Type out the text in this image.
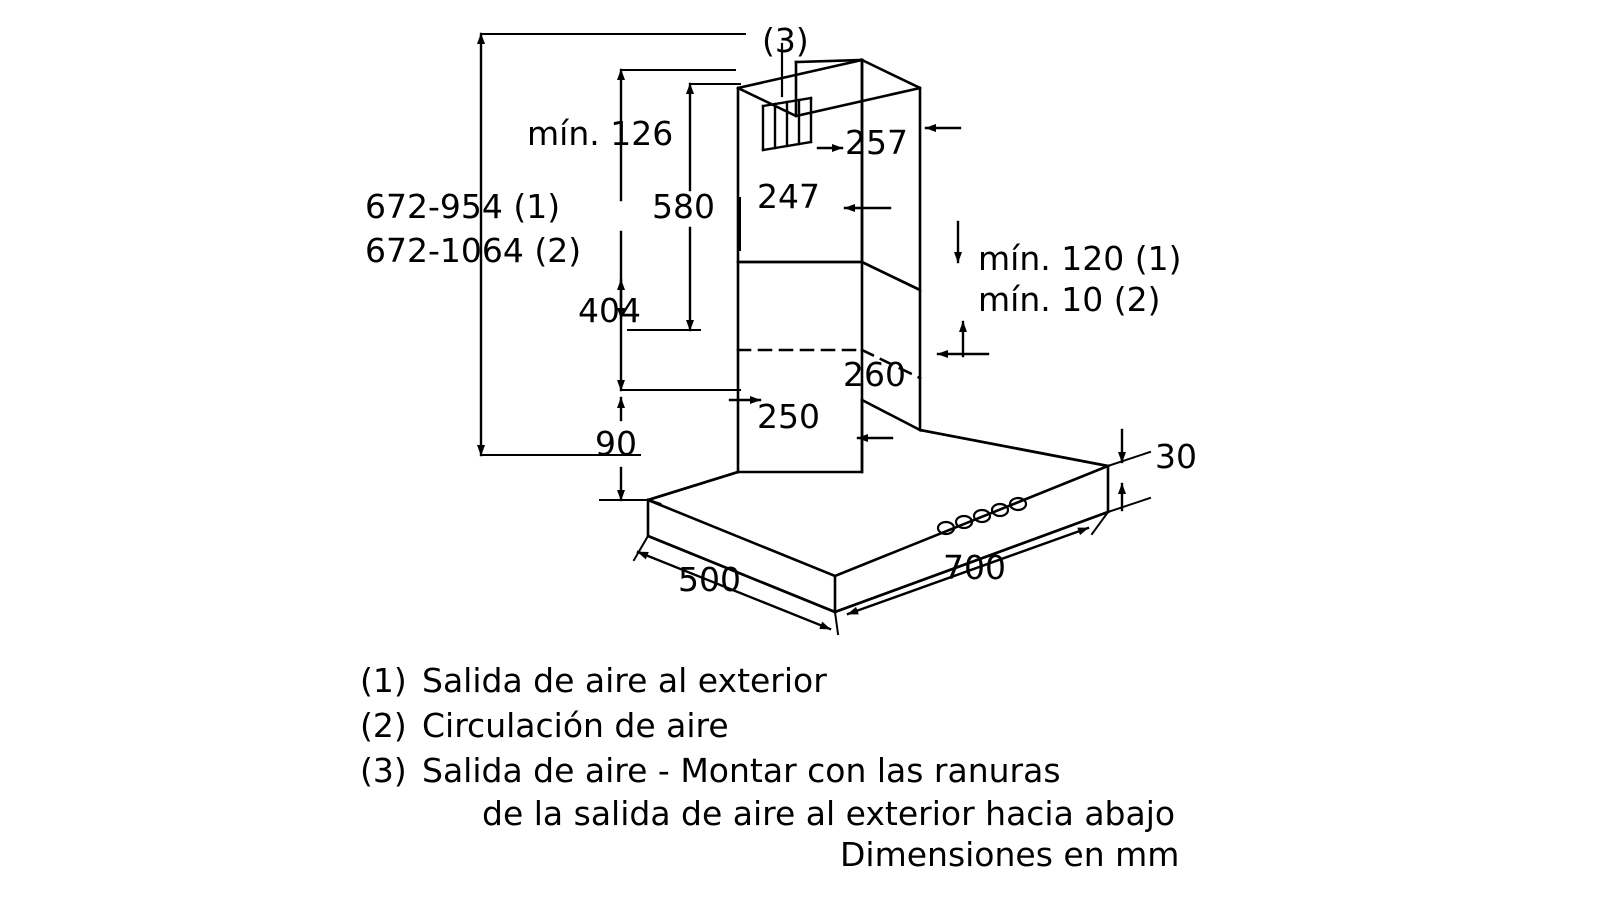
mín. 126
672-954 (1)
672-1064 (2)
580 247
257
mín. 120 (1)
mín. 10 (2)
404
260
250
90	30
500	700
(3)
(1) Salida de aire al exterior
(2) Circulación de aire
(3) Salida de aire - Montar con las ranuras
de la salida de aire al exterior hacia abajo
Dimensiones en mm
